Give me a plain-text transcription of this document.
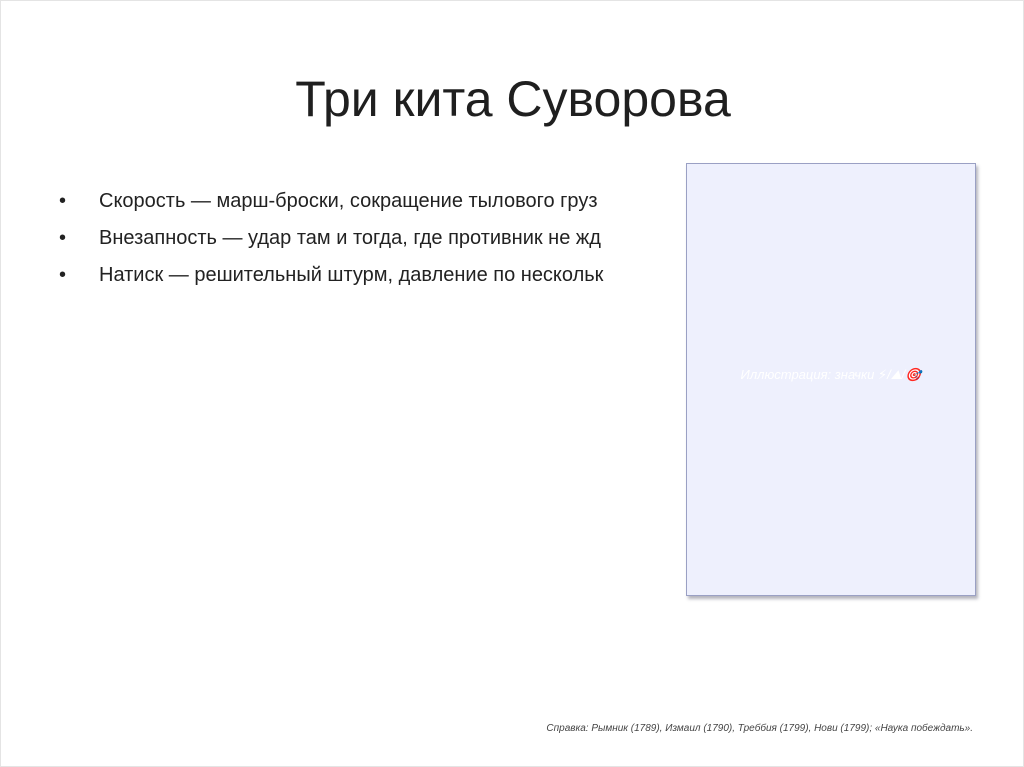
Три кита Суворова
•	Скорость — марш-броски, сокращение тылового груз
•	Внезапность — удар там и тогда, где противник не жд
•	Натиск — решительный штурм, давление по нескольк
Иллюстрация: значки ⚡/⛰/🎯
Справка: Рымник (1789), Измаил (1790), Треббия (1799), Нови (1799); «Наука побеждать».
